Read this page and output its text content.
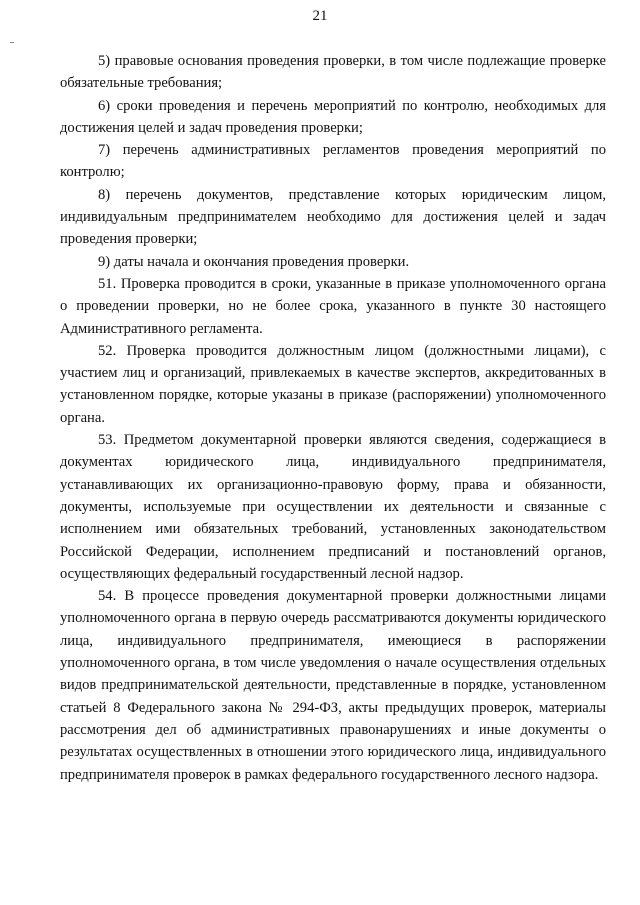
21

5) правовые основания проведения проверки, в том числе подлежащие проверке обязательные требования;

6) сроки проведения и перечень мероприятий по контролю, необходимых для достижения целей и задач проведения проверки;

7) перечень административных регламентов проведения мероприятий по контролю;

8) перечень документов, представление которых юридическим лицом, индивидуальным предпринимателем необходимо для достижения целей и задач проведения проверки;

9) даты начала и окончания проведения проверки.

51. Проверка проводится в сроки, указанные в приказе уполномоченного органа о проведении проверки, но не более срока, указанного в пункте 30 настоящего Административного регламента.

52. Проверка проводится должностным лицом (должностными лицами), с участием лиц и организаций, привлекаемых в качестве экспертов, аккредитованных в установленном порядке, которые указаны в приказе (распоряжении) уполномоченного органа.

53. Предметом документарной проверки являются сведения, содержащиеся в документах юридического лица, индивидуального предпринимателя, устанавливающих их организационно-правовую форму, права и обязанности, документы, используемые при осуществлении их деятельности и связанные с исполнением ими обязательных требований, установленных законодательством Российской Федерации, исполнением предписаний и постановлений органов, осуществляющих федеральный государственный лесной надзор.

54. В процессе проведения документарной проверки должностными лицами уполномоченного органа в первую очередь рассматриваются документы юридического лица, индивидуального предпринимателя, имеющиеся в распоряжении уполномоченного органа, в том числе уведомления о начале осуществления отдельных видов предпринимательской деятельности, представленные в порядке, установленном статьей 8 Федерального закона № 294-ФЗ, акты предыдущих проверок, материалы рассмотрения дел об административных правонарушениях и иные документы о результатах осуществленных в отношении этого юридического лица, индивидуального предпринимателя проверок в рамках федерального государственного лесного надзора.
